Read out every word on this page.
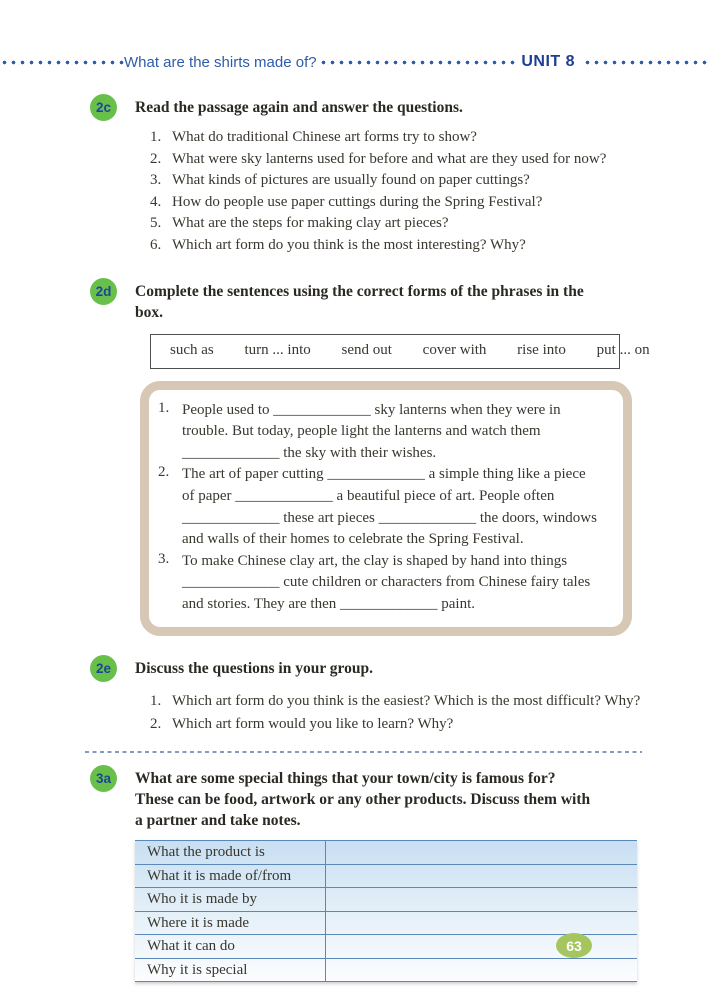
What are the shirts made of?	UNIT 8
2c	Read the passage again and answer the questions.
1. What do traditional Chinese art forms try to show?
2. What were sky lanterns used for before and what are they used for now?
3. What kinds of pictures are usually found on paper cuttings?
4. How do people use paper cuttings during the Spring Festival?
5. What are the steps for making clay art pieces?
6. Which art form do you think is the most interesting? Why?
2d	Complete the sentences using the correct forms of the phrases in the
box.
such as turn ... into send out cover with rise into put ... on
1. People used to _____________ sky lanterns when they were in
trouble. But today, people light the lanterns and watch them
_____________ the sky with their wishes.
2. The art of paper cutting _____________ a simple thing like a piece
of paper _____________ a beautiful piece of art. People often
_____________ these art pieces _____________ the doors, windows
and walls of their homes to celebrate the Spring Festival.
3. To make Chinese clay art, the clay is shaped by hand into things
_____________ cute children or characters from Chinese fairy tales
and stories. They are then _____________ paint.
2e	Discuss the questions in your group.
1. Which art form do you think is the easiest? Which is the most difficult? Why?
2. Which art form would you like to learn? Why?
3a	What are some special things that your town/city is famous for?
These can be food, artwork or any other products. Discuss them with
a partner and take notes.
What the product is	
What it is made of/from	
Who it is made by	
Where it is made	
What it can do	
Why it is special	
63
